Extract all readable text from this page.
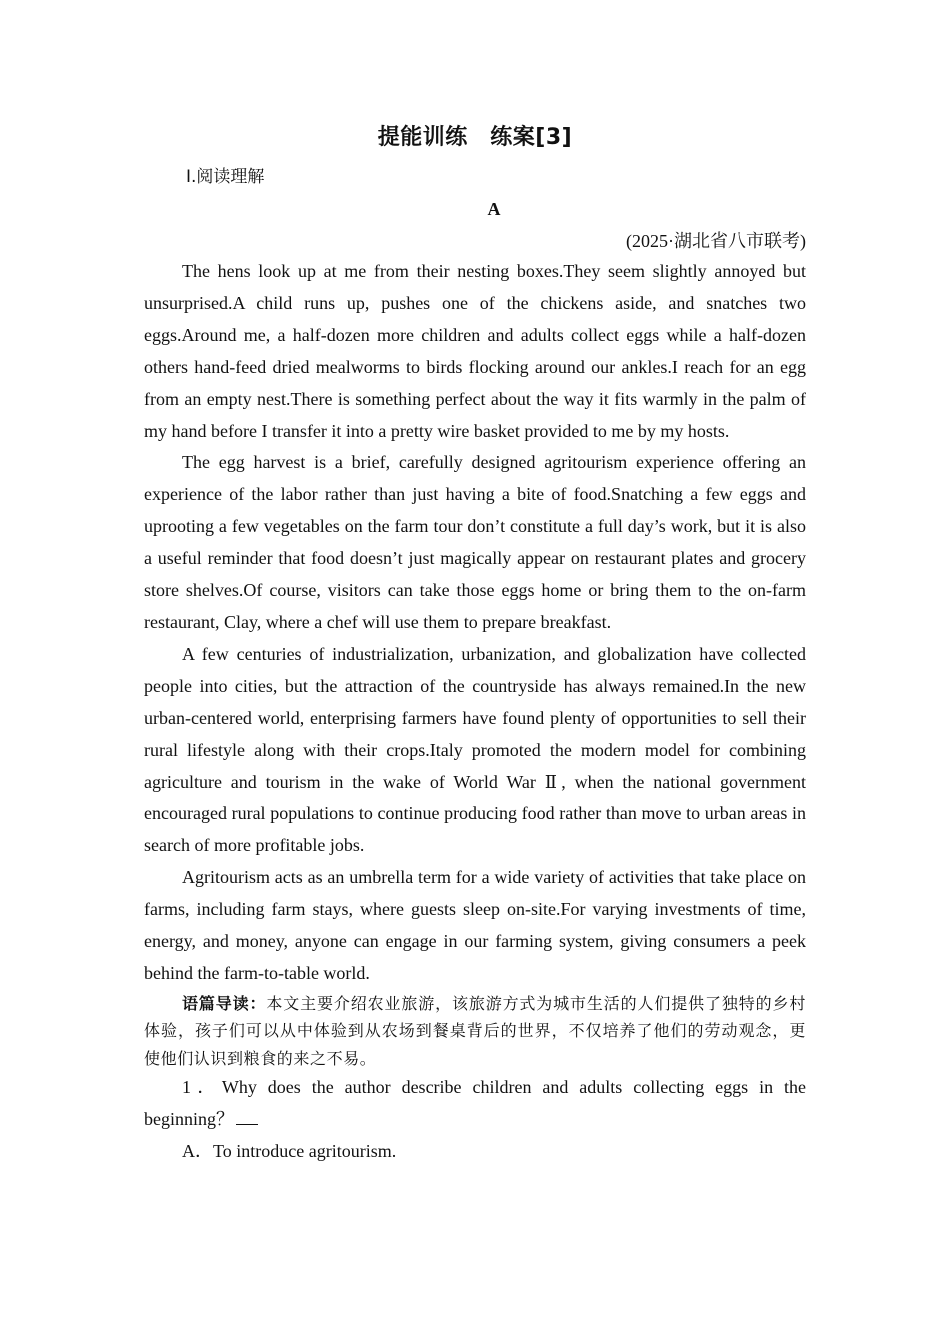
提能训练　练案[3]
Ⅰ.阅读理解
A
(2025·湖北省八市联考)

The hens look up at me from their nesting boxes.They seem slightly annoyed but unsurprised.A child runs up, pushes one of the chickens aside, and snatches two eggs.Around me, a half-dozen more children and adults collect eggs while a half-dozen others hand-feed dried mealworms to birds flocking around our ankles.I reach for an egg from an empty nest.There is something perfect about the way it fits warmly in the palm of my hand before I transfer it into a pretty wire basket provided to me by my hosts.

The egg harvest is a brief, carefully designed agritourism experience offering an experience of the labor rather than just having a bite of food.Snatching a few eggs and uprooting a few vegetables on the farm tour don’t constitute a full day’s work, but it is also a useful reminder that food doesn’t just magically appear on restaurant plates and grocery store shelves.Of course, visitors can take those eggs home or bring them to the on-farm restaurant, Clay, where a chef will use them to prepare breakfast.

A few centuries of industrialization, urbanization, and globalization have collected people into cities, but the attraction of the countryside has always remained.In the new urban-centered world, enterprising farmers have found plenty of opportunities to sell their rural lifestyle along with their crops.Italy promoted the modern model for combining agriculture and tourism in the wake of World War Ⅱ, when the national government encouraged rural populations to continue producing food rather than move to urban areas in search of more profitable jobs.

Agritourism acts as an umbrella term for a wide variety of activities that take place on farms, including farm stays, where guests sleep on-site.For varying investments of time, energy, and money, anyone can engage in our farming system, giving consumers a peek behind the farm-to-table world.

语篇导读：本文主要介绍农业旅游，该旅游方式为城市生活的人们提供了独特的乡村体验，孩子们可以从中体验到从农场到餐桌背后的世界，不仅培养了他们的劳动观念，更使他们认识到粮食的来之不易。

1．Why does the author describe children and adults collecting eggs in the beginning？

A．To introduce agritourism.
